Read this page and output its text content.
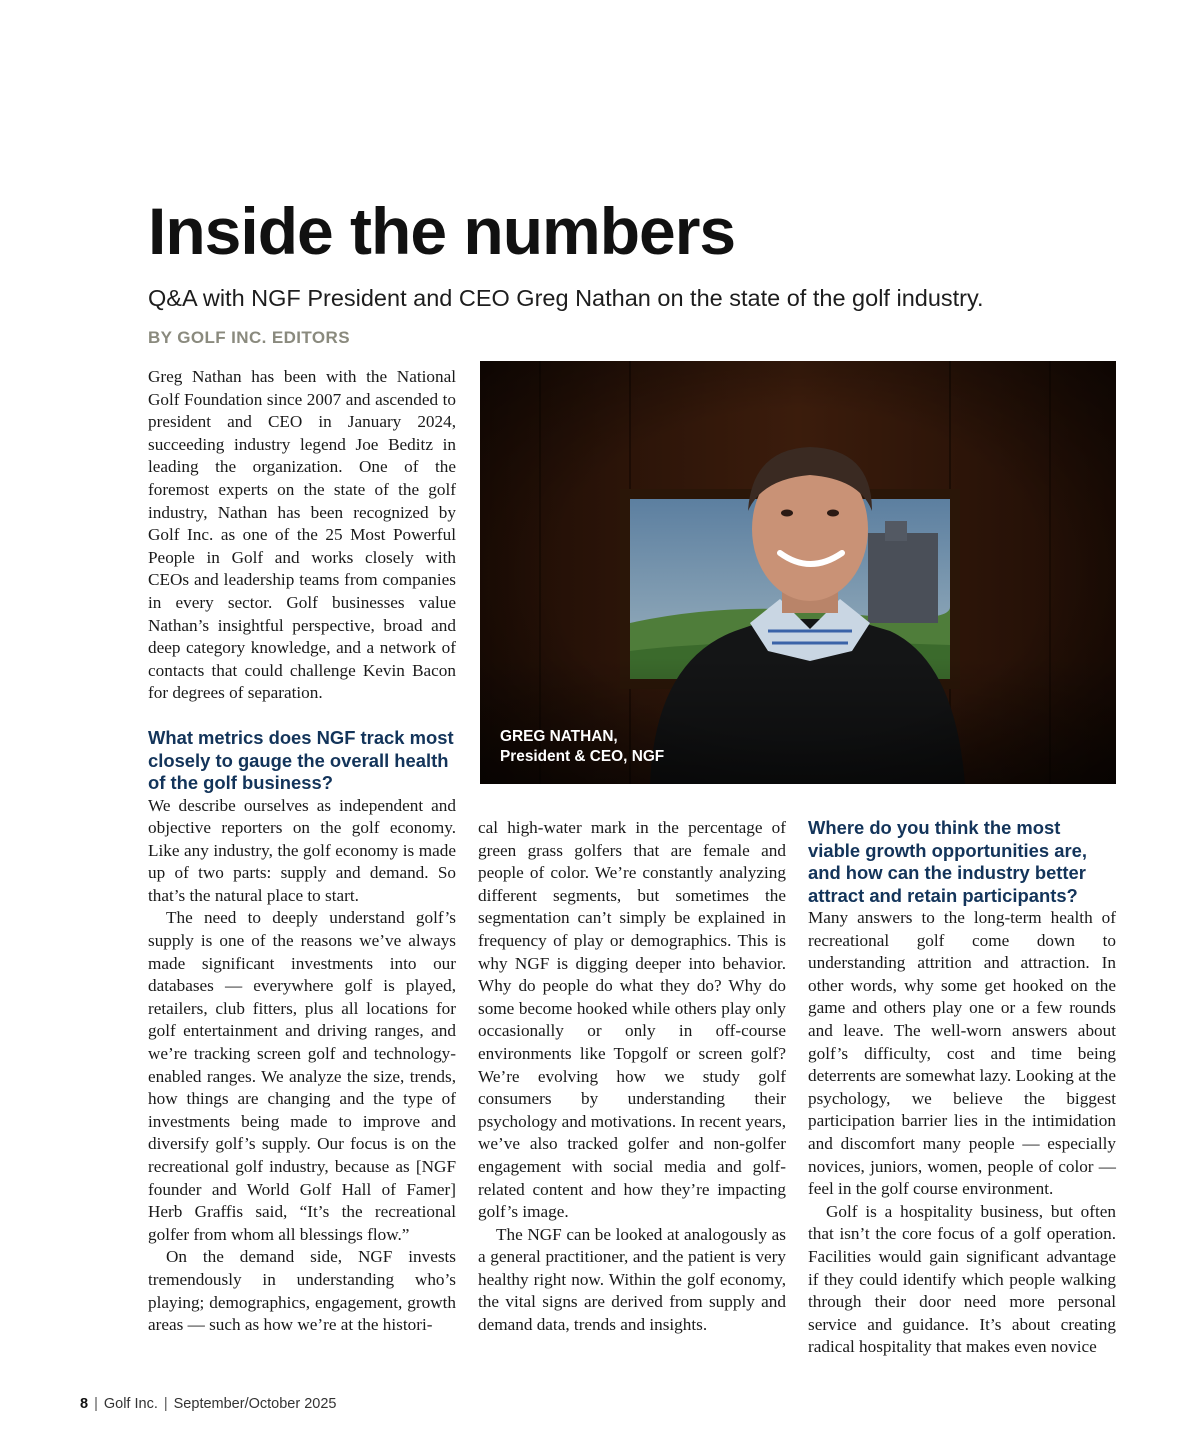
Inside the numbers

Q&A with NGF President and CEO Greg Nathan on the state of the golf industry.

BY GOLF INC. EDITORS

Greg Nathan has been with the National Golf Foundation since 2007 and ascended to president and CEO in January 2024, succeeding industry legend Joe Beditz in leading the organization. One of the foremost experts on the state of the golf industry, Nathan has been recognized by Golf Inc. as one of the 25 Most Powerful People in Golf and works closely with CEOs and leadership teams from companies in every sector. Golf businesses value Nathan’s insightful perspective, broad and deep category knowledge, and a network of contacts that could challenge Kevin Bacon for degrees of separation.

GREG NATHAN,
President & CEO, NGF
What metrics does NGF track most closely to gauge the overall health of the golf business?

We describe ourselves as independent and objective reporters on the golf economy. Like any industry, the golf economy is made up of two parts: supply and demand. So that’s the natural place to start.

The need to deeply understand golf’s supply is one of the reasons we’ve always made significant investments into our databases — everywhere golf is played, retailers, club fitters, plus all locations for golf entertainment and driving ranges, and we’re tracking screen golf and technology-enabled ranges. We analyze the size, trends, how things are changing and the type of investments being made to improve and diversify golf’s supply. Our focus is on the recreational golf industry, because as [NGF founder and World Golf Hall of Famer] Herb Graffis said, “It’s the recreational golfer from whom all blessings flow.”

On the demand side, NGF invests tremendously in understanding who’s playing; demographics, engagement, growth areas — such as how we’re at the histori-

cal high-water mark in the percentage of green grass golfers that are female and people of color. We’re constantly analyzing different segments, but sometimes the segmentation can’t simply be explained in frequency of play or demographics. This is why NGF is digging deeper into behavior. Why do people do what they do? Why do some become hooked while others play only occasionally or only in off-course environments like Topgolf or screen golf? We’re evolving how we study golf consumers by understanding their psychology and motivations. In recent years, we’ve also tracked golfer and non-golfer engagement with social media and golf-related content and how they’re impacting golf’s image.

The NGF can be looked at analogously as a general practitioner, and the patient is very healthy right now. Within the golf economy, the vital signs are derived from supply and demand data, trends and insights.

Where do you think the most viable growth opportunities are, and how can the industry better attract and retain participants?

Many answers to the long-term health of recreational golf come down to understanding attrition and attraction. In other words, why some get hooked on the game and others play one or a few rounds and leave. The well-worn answers about golf’s difficulty, cost and time being deterrents are somewhat lazy. Looking at the psychology, we believe the biggest participation barrier lies in the intimidation and discomfort many people — especially novices, juniors, women, people of color — feel in the golf course environment.

Golf is a hospitality business, but often that isn’t the core focus of a golf operation. Facilities would gain significant advantage if they could identify which people walking through their door need more personal service and guidance. It’s about creating radical hospitality that makes even novice

8 | Golf Inc. | September/October 2025
